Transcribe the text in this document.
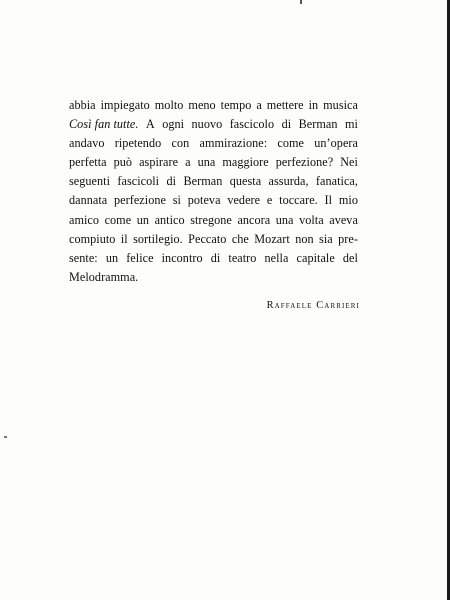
abbia impiegato molto meno tempo a mettere in musica
Così fan tutte. A ogni nuovo fascicolo di Berman mi
andavo ripetendo con ammirazione: come un’opera
perfetta può aspirare a una maggiore perfezione? Nei
seguenti fascicoli di Berman questa assurda, fanatica,
dannata perfezione si poteva vedere e toccare. Il mio
amico come un antico stregone ancora una volta aveva
compiuto il sortilegio. Peccato che Mozart non sia pre-
sente: un felice incontro di teatro nella capitale del
Melodramma.
Raffaele Carrieri
